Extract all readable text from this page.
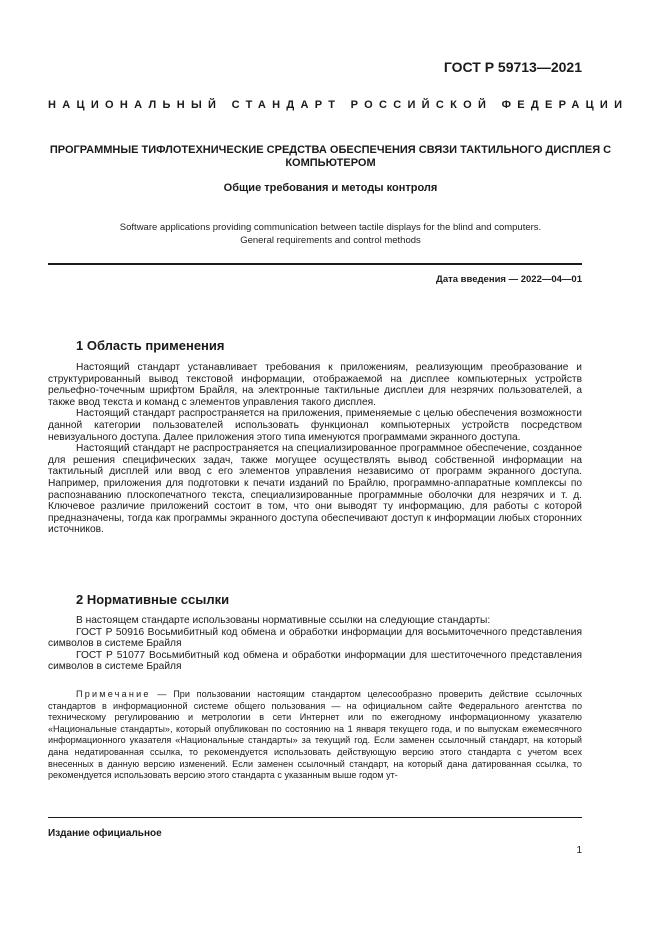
ГОСТ Р 59713—2021
НАЦИОНАЛЬНЫЙ СТАНДАРТ РОССИЙСКОЙ ФЕДЕРАЦИИ
ПРОГРАММНЫЕ ТИФЛОТЕХНИЧЕСКИЕ СРЕДСТВА ОБЕСПЕЧЕНИЯ СВЯЗИ ТАКТИЛЬНОГО ДИСПЛЕЯ С КОМПЬЮТЕРОМ
Общие требования и методы контроля
Software applications providing communication between tactile displays for the blind and computers.
General requirements and control methods
Дата введения — 2022—04—01
1 Область применения

Настоящий стандарт устанавливает требования к приложениям, реализующим преобразование и структурированный вывод текстовой информации, отображаемой на дисплее компьютерных устройств рельефно-точечным шрифтом Брайля, на электронные тактильные дисплеи для незрячих пользователей, а также ввод текста и команд с элементов управления такого дисплея.

Настоящий стандарт распространяется на приложения, применяемые с целью обеспечения возможности данной категории пользователей использовать функционал компьютерных устройств посредством невизуального доступа. Далее приложения этого типа именуются программами экранного доступа.

Настоящий стандарт не распространяется на специализированное программное обеспечение, созданное для решения специфических задач, также могущее осуществлять вывод собственной информации на тактильный дисплей или ввод с его элементов управления независимо от программ экранного доступа. Например, приложения для подготовки к печати изданий по Брайлю, программно-аппаратные комплексы по распознаванию плоскопечатного текста, специализированные программные оболочки для незрячих и т. д. Ключевое различие приложений состоит в том, что они выводят ту информацию, для работы с которой предназначены, тогда как программы экранного доступа обеспечивают доступ к информации любых сторонних источников.

2 Нормативные ссылки

В настоящем стандарте использованы нормативные ссылки на следующие стандарты:

ГОСТ Р 50916 Восьмибитный код обмена и обработки информации для восьмиточечного представления символов в системе Брайля

ГОСТ Р 51077 Восьмибитный код обмена и обработки информации для шеститочечного представления символов в системе Брайля

Примечание — При пользовании настоящим стандартом целесообразно проверить действие ссылочных стандартов в информационной системе общего пользования — на официальном сайте Федерального агентства по техническому регулированию и метрологии в сети Интернет или по ежегодному информационному указателю «Национальные стандарты», который опубликован по состоянию на 1 января текущего года, и по выпускам ежемесячного информационного указателя «Национальные стандарты» за текущий год. Если заменен ссылочный стандарт, на который дана недатированная ссылка, то рекомендуется использовать действующую версию этого стандарта с учетом всех внесенных в данную версию изменений. Если заменен ссылочный стандарт, на который дана датированная ссылка, то рекомендуется использовать версию этого стандарта с указанным выше годом ут-
Издание официальное
1
